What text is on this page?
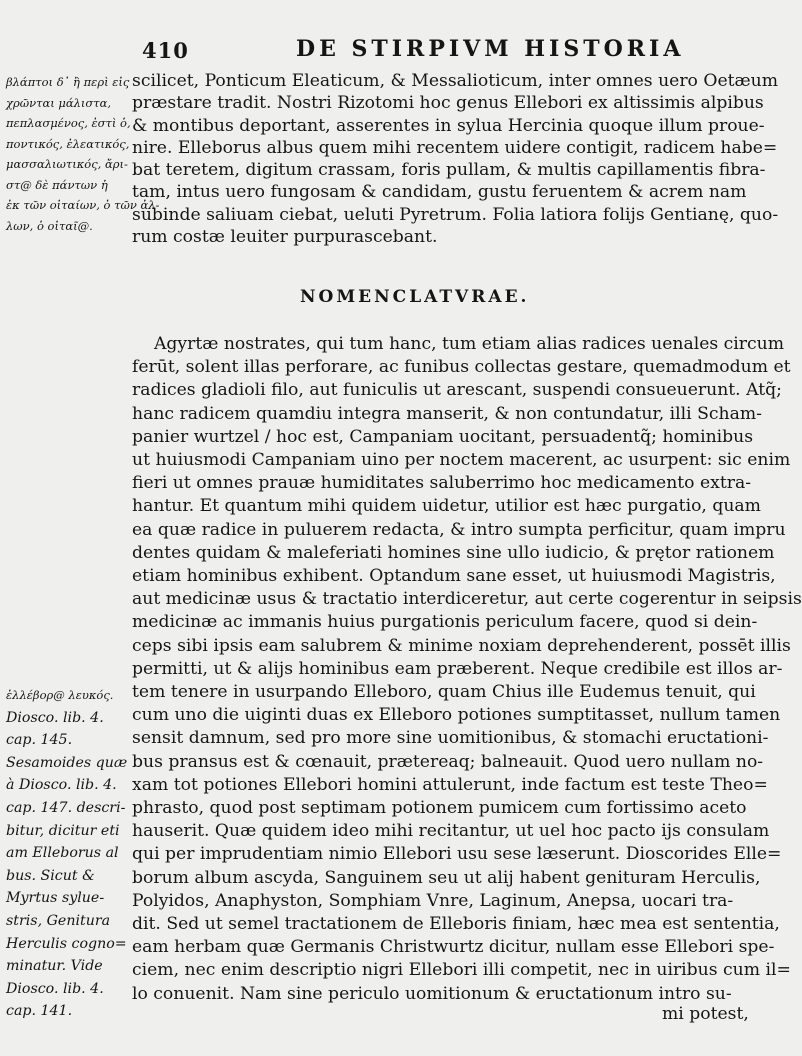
410	DE STIRPIVM HISTORIA
βλάπτοι δ᾽ ἢ περὶ εἰς
χρῶνται μάλιστα,
πεπλασμένος, ἐστὶ ὁ,
ποντικός, ἐλεατικός,
μασσαλιωτικός, ἄρι-
στ@ δὲ πάντων ἡ
ἐκ τῶν οἰταίων, ὁ τῶν ἀλ-
λων, ὁ οἰταῖ@.
scilicet, Ponticum Eleaticum, & Messalioticum, inter omnes uero Oetæum
præstare tradit. Nostri Rizotomi hoc genus Ellebori ex altissimis alpibus
& montibus deportant, asserentes in sylua Hercinia quoque illum proue-
nire. Elleborus albus quem mihi recentem uidere contigit, radicem habe=
bat teretem, digitum crassam, foris pullam, & multis capillamentis fibra-
tam, intus uero fungosam & candidam, gustu feruentem & acrem nam
subinde saliuam ciebat, ueluti Pyretrum. Folia latiora folijs Gentianę, quo-
rum costæ leuiter purpurascebant.
NOMENCLATVRAE.
Agyrtæ nostrates, qui tum hanc, tum etiam alias radices uenales circum
ferūt, solent illas perforare, ac funibus collectas gestare, quemadmodum et
radices gladioli filo, aut funiculis ut arescant, suspendi consueuerunt. Atq̃;
hanc radicem quamdiu integra manserit, & non contundatur, illi Scham-
panier wurtzel / hoc est, Campaniam uocitant, persuadentq̃; hominibus
ut huiusmodi Campaniam uino per noctem macerent, ac usurpent: sic enim
fieri ut omnes prauæ humiditates saluberrimo hoc medicamento extra-
hantur. Et quantum mihi quidem uidetur, utilior est hæc purgatio, quam
ea quæ radice in puluerem redacta, & intro sumpta perficitur, quam impru
dentes quidam & maleferiati homines sine ullo iudicio, & prętor rationem
etiam hominibus exhibent. Optandum sane esset, ut huiusmodi Magistris,
aut medicinæ usus & tractatio interdiceretur, aut certe cogerentur in seipsis
medicinæ ac immanis huius purgationis periculum facere, quod si dein-
ceps sibi ipsis eam salubrem & minime noxiam deprehenderent, possēt illis
permitti, ut & alijs hominibus eam præberent. Neque credibile est illos ar-
tem tenere in usurpando Elleboro, quam Chius ille Eudemus tenuit, qui
cum uno die uiginti duas ex Elleboro potiones sumptitasset, nullum tamen
sensit damnum, sed pro more sine uomitionibus, & stomachi eructationi-
bus pransus est & cœnauit, prætereaq; balneauit. Quod uero nullam no-
xam tot potiones Ellebori homini attulerunt, inde factum est teste Theo=
phrasto, quod post septimam potionem pumicem cum fortissimo aceto
hauserit. Quæ quidem ideo mihi recitantur, ut uel hoc pacto ijs consulam
qui per imprudentiam nimio Ellebori usu sese læserunt. Dioscorides Elle=
borum album ascyda, Sanguinem seu ut alij habent genituram Herculis,
Polyidos, Anaphyston, Somphiam Vnre, Laginum, Anepsa, uocari tra-
dit. Sed ut semel tractationem de Elleboris finiam, hæc mea est sententia,
eam herbam quæ Germanis Christwurtz dicitur, nullam esse Ellebori spe-
ciem, nec enim descriptio nigri Ellebori illi competit, nec in uiribus cum il=
lo conuenit. Nam sine periculo uomitionum & eructationum intro su-
ἐλλέβορ@ λευκός.
Diosco. lib. 4.
cap. 145.
Sesamoides quæ
à Diosco. lib. 4.
cap. 147. descri-
bitur, dicitur eti
am Elleborus al
bus. Sicut &
Myrtus sylue-
stris, Genitura
Herculis cogno=
minatur. Vide
Diosco. lib. 4.
cap. 141.	mi potest,
